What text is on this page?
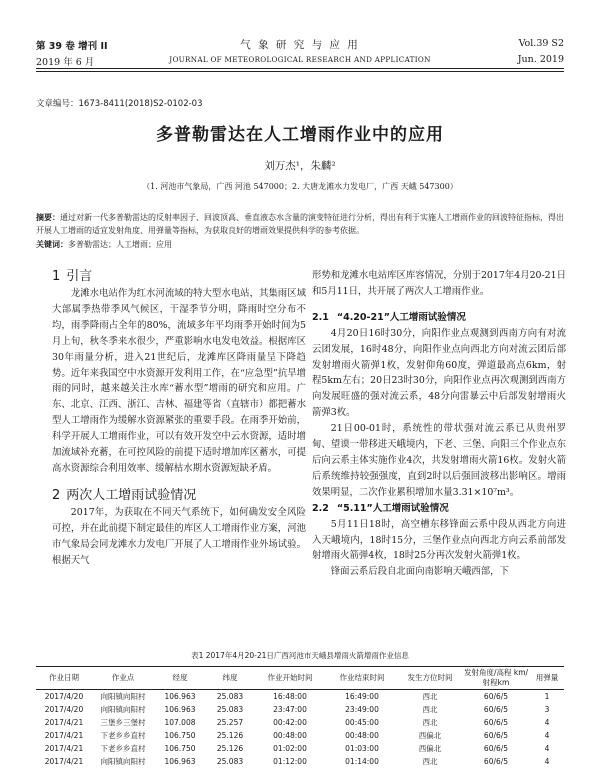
第 39 卷 增刊 II	气 象 研 究 与 应 用	Vol.39 S2
2019 年 6 月	JOURNAL OF METEOROLOGICAL RESEARCH AND APPLICATION	Jun. 2019
文章编号：1673-8411(2018)S2-0102-03
多普勒雷达在人工增雨作业中的应用
刘万杰¹，朱麟²
（1. 河池市气象局，广西 河池 547000；2. 大唐龙滩水力发电厂，广西 天峨 547300）
摘要：通过对新一代多普勒雷达的反射率因子、回波顶高、垂直液态水含量的演变特征进行分析，得出有利于实施人工增雨作业的回波特征指标，得出开展人工增雨的适宜发射角度、用弹量等指标，为获取良好的增雨效果提供科学的参考依据。
关键词：多普勒雷达；人工增雨；应用

1 引言

龙滩水电站作为红水河流域的特大型水电站，其集雨区域大部属季热带季风气候区，干湿季节分明，降雨时空分布不均，雨季降雨占全年的80%，流域多年平均雨季开始时间为5月上旬，秋冬季来水很少，严重影响水电发电效益。根据库区30年雨量分析，进入21世纪后，龙滩库区降雨量呈下降趋势。近年来我国空中水资源开发利用工作，在“应急型”抗旱增雨的同时，越来越关注水库“蓄水型”增雨的研究和应用。广东、北京、江西、浙江、吉林、福建等省（直辖市）都把蓄水型人工增雨作为缓解水资源紧张的重要手段。在雨季开始前，科学开展人工增雨作业，可以有效开发空中云水资源，适时增加流域补充蓄，在可控风险的前提下适时增加库区蓄水，可提高水资源综合利用效率、缓解枯水期水资源短缺矛盾。

2 两次人工增雨试验情况

2017年，为获取在不同天气系统下，如何确发安全风险可控，并在此前提下制定最佳的库区人工增雨作业方案，河池市气象局会同龙滩水力发电厂开展了人工增雨作业外场试验。根据天气

形势和龙滩水电站库区库容情况，分别于2017年4月20-21日和5月11日，共开展了两次人工增雨作业。

2.1 “4.20-21”人工增雨试验情况

4月20日16时30分，向阳作业点观测到西南方向有对流云团发展，16时48分，向阳作业点向西北方向对流云团后部发射增雨火箭弹1枚，发射仰角60度，弹道最高点6km，射程5km左右；20日23时30分，向阳作业点再次观测到西南方向发展旺盛的强对流云系，48分向雷暴云中后部发射增雨火箭弹3枚。

21日00-01时，系统性的带状强对流云系已从贵州罗甸、望谟一带移进天峨境内，下老、三堡、向阳三个作业点东后向云系主体实施作业4次，共发射增雨火箭16枚。发射火箭后系统维持较强强度，直到2时以后强回波移出影响区。增雨效果明显，二次作业累积增加水量3.31×10⁷m³。

2.2 “5.11”人工增雨试验情况

5月11日18时，高空槽东移锋面云系中段从西北方向进入天峨境内，18时15分，三堡作业点向西北方向云系前部发射增雨火箭弹4枚，18时25分再次发射火箭弹1枚。

锋面云系后段自北面向南影响天峨西部，下

表1 2017年4月20-21日广西河池市天峨县增雨火箭增雨作业信息
作业日期	作业点	经度	纬度	作业开始时间	作业结束时间	发生方位时间	发射角度/高程 km/射程km	用弹量
2017/4/20	向阳镇向阳村	106.963	25.083	16:48:00	16:49:00	西北	60/6/5	1
2017/4/20	向阳镇向阳村	106.963	25.083	23:47:00	23:49:00	西北	60/6/5	3
2017/4/21	三堡乡三堡村	107.008	25.257	00:42:00	00:45:00	西北	60/6/5	4
2017/4/21	下老乡乡直村	106.750	25.126	00:48:00	00:48:00	西偏北	60/6/5	4
2017/4/21	下老乡乡直村	106.750	25.126	01:02:00	01:03:00	西偏北	60/6/5	4
2017/4/21	向阳镇向阳村	106.963	25.083	01:12:00	01:14:00	西北	60/6/5	4
